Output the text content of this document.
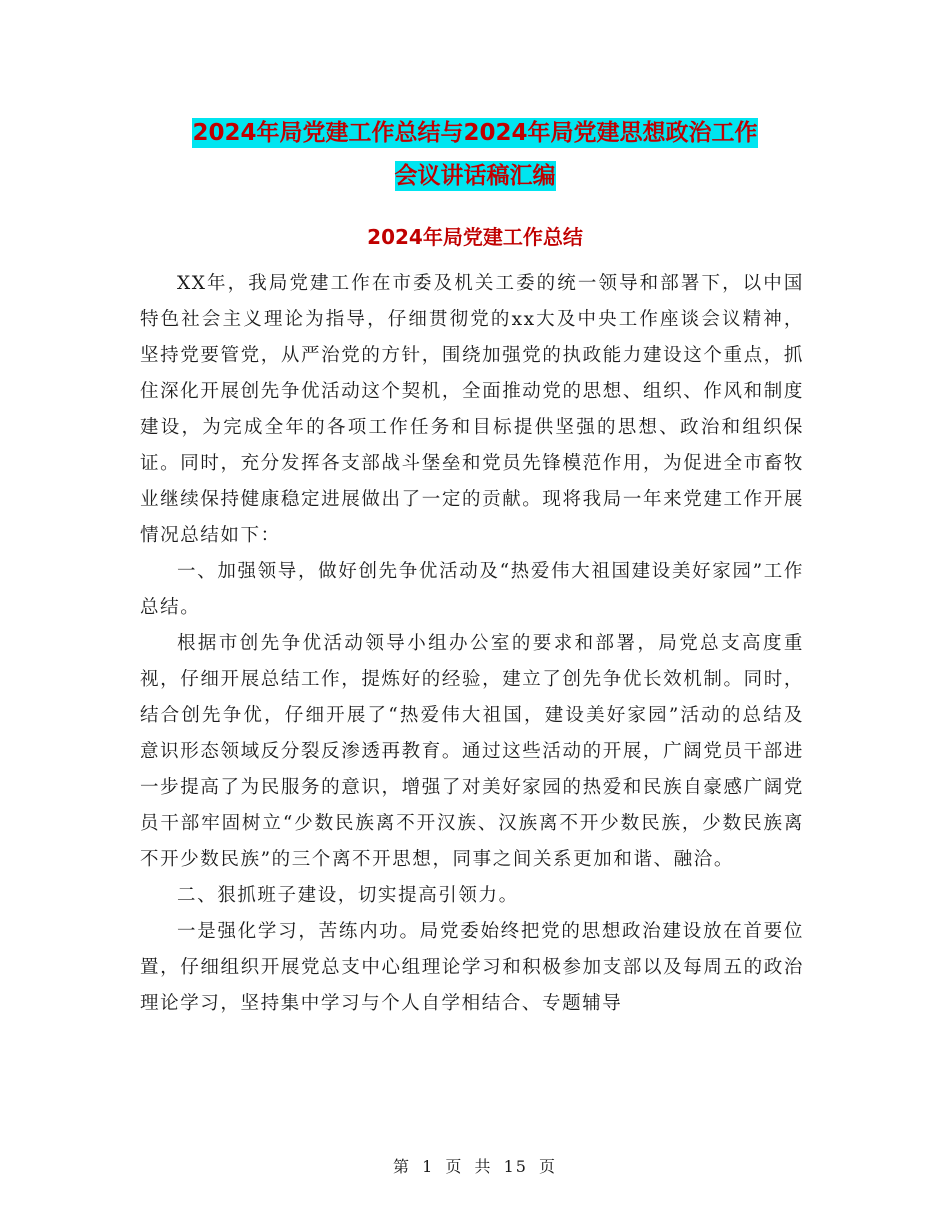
2024年局党建工作总结与2024年局党建思想政治工作
会议讲话稿汇编
2024年局党建工作总结

XX年，我局党建工作在市委及机关工委的统一领导和部署下，以中国特色社会主义理论为指导，仔细贯彻党的xx大及中央工作座谈会议精神，坚持党要管党，从严治党的方针，围绕加强党的执政能力建设这个重点，抓住深化开展创先争优活动这个契机，全面推动党的思想、组织、作风和制度建设，为完成全年的各项工作任务和目标提供坚强的思想、政治和组织保证。同时，充分发挥各支部战斗堡垒和党员先锋模范作用，为促进全市畜牧业继续保持健康稳定进展做出了一定的贡献。现将我局一年来党建工作开展情况总结如下：

一、加强领导，做好创先争优活动及“热爱伟大祖国建设美好家园”工作总结。

根据市创先争优活动领导小组办公室的要求和部署，局党总支高度重视，仔细开展总结工作，提炼好的经验，建立了创先争优长效机制。同时，结合创先争优，仔细开展了“热爱伟大祖国，建设美好家园”活动的总结及意识形态领域反分裂反渗透再教育。通过这些活动的开展，广阔党员干部进一步提高了为民服务的意识，增强了对美好家园的热爱和民族自豪感广阔党员干部牢固树立“少数民族离不开汉族、汉族离不开少数民族，少数民族离不开少数民族”的三个离不开思想，同事之间关系更加和谐、融洽。

二、狠抓班子建设，切实提高引领力。

一是强化学习，苦练内功。局党委始终把党的思想政治建设放在首要位置，仔细组织开展党总支中心组理论学习和积极参加支部以及每周五的政治理论学习，坚持集中学习与个人自学相结合、专题辅导

第 1 页 共 15 页
